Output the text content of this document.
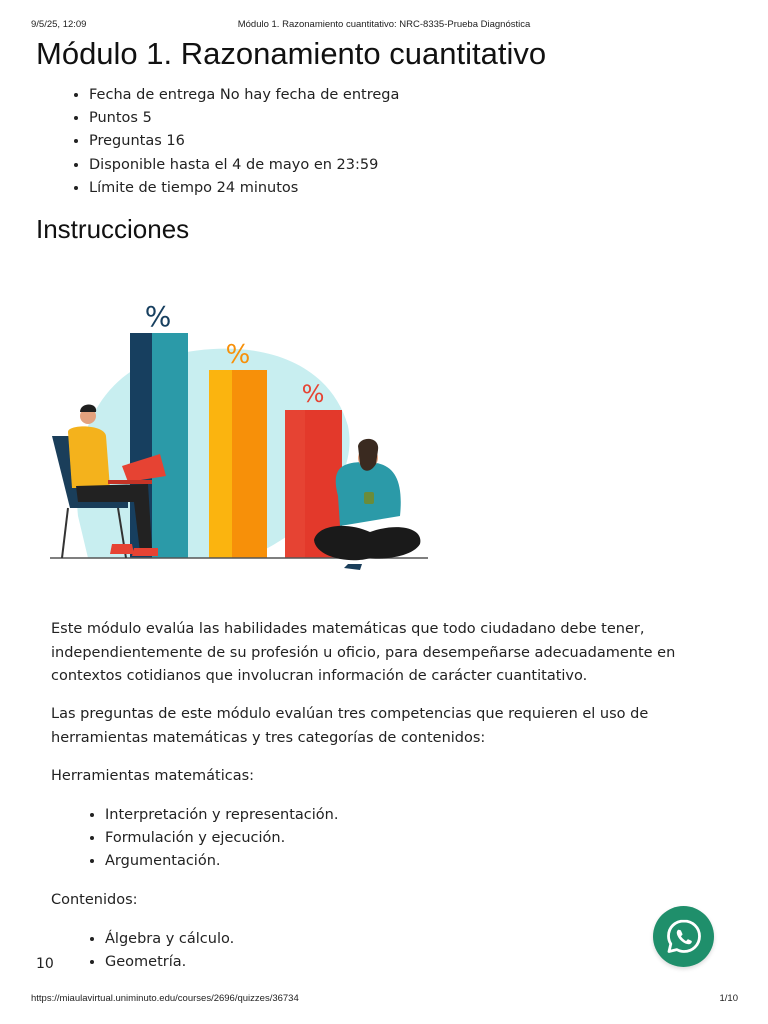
9/5/25, 12:09	Módulo 1. Razonamiento cuantitativo: NRC-8335-Prueba Diagnóstica
Módulo 1. Razonamiento cuantitativo
• Fecha de entrega No hay fecha de entrega
• Puntos 5
• Preguntas 16
• Disponible hasta el 4 de mayo en 23:59
• Límite de tiempo 24 minutos
Instrucciones
%
%
%

Este módulo evalúa las habilidades matemáticas que todo ciudadano debe tener, independientemente de su profesión u oficio, para desempeñarse adecuadamente en contextos cotidianos que involucran información de carácter cuantitativo.

Las preguntas de este módulo evalúan tres competencias que requieren el uso de herramientas matemáticas y tres categorías de contenidos:

Herramientas matemáticas:

• Interpretación y representación.
• Formulación y ejecución.
• Argumentación.

Contenidos:

• Álgebra y cálculo.
• Geometría.
10
https://miaulavirtual.uniminuto.edu/courses/2696/quizzes/36734	1/10
